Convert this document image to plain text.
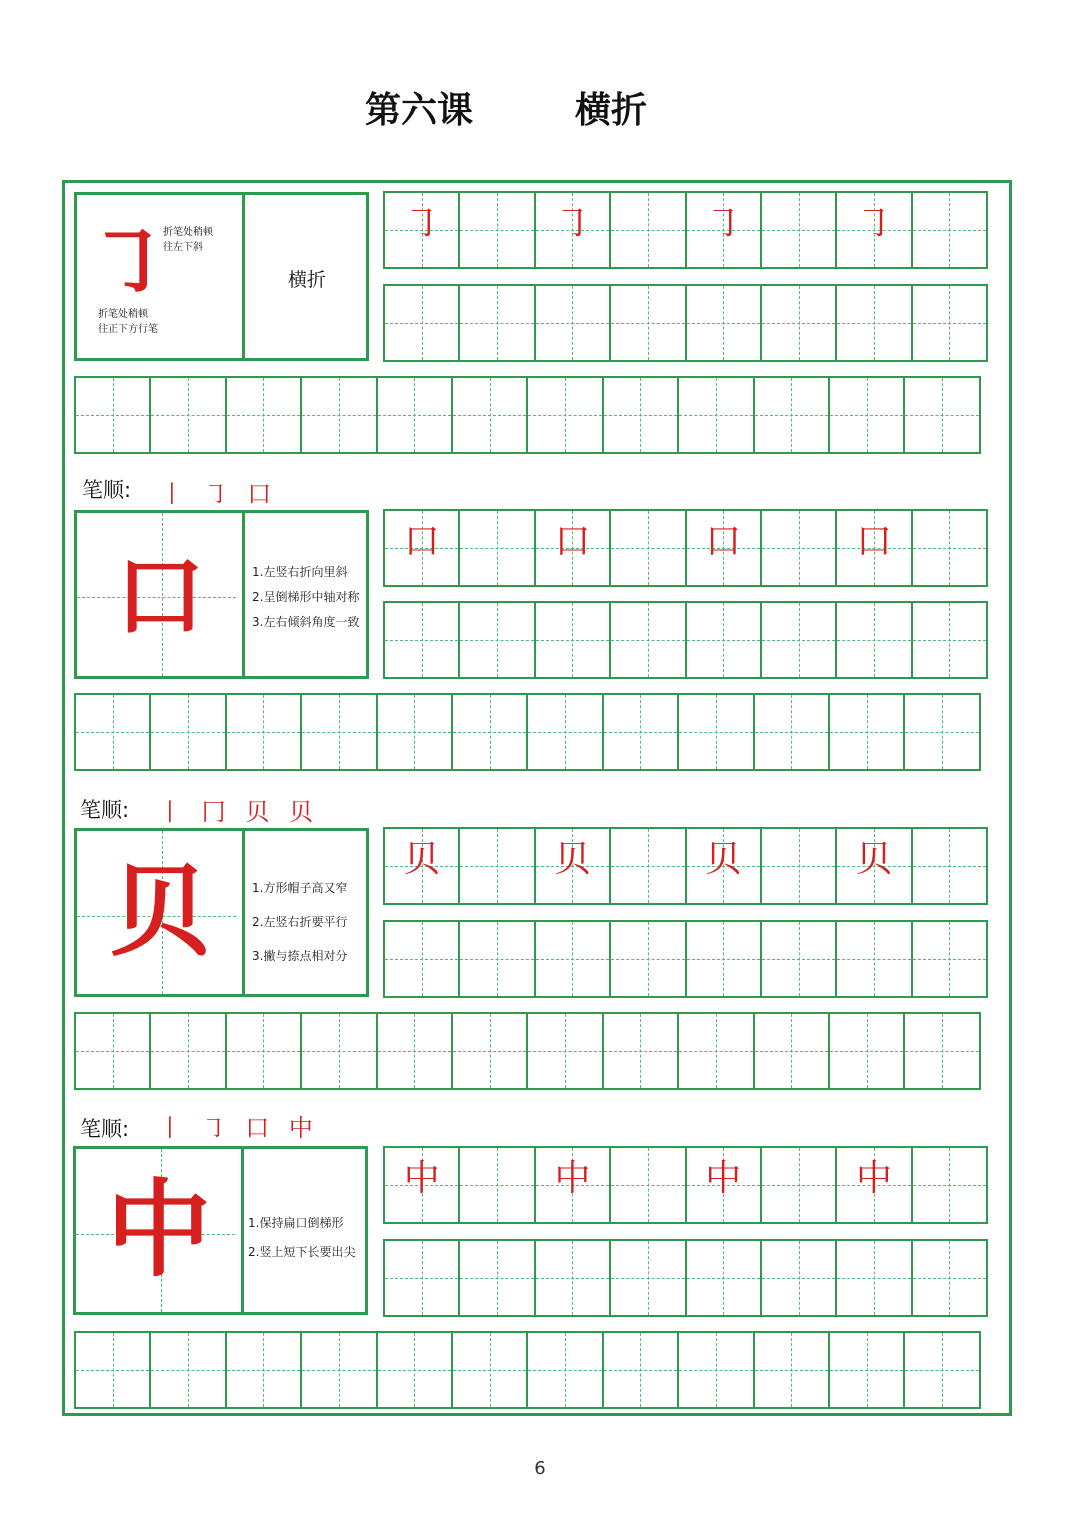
第六课	横折
㇆
折笔处稍顿
往左下斜
折笔处稍顿
往正下方行笔
横折
㇆	㇆	㇆	㇆
笔顺: 丨 ㇆ 口
口	1.左竖右折向里斜
2.呈倒梯形中轴对称
3.左右倾斜角度一致
口	口	口	口
笔顺: 丨 冂 贝 贝
贝	1.方形帽子高又窄
2.左竖右折要平行
3.撇与捺点相对分
贝	贝	贝	贝
笔顺: 丨 ㇆ 口 中
中	1.保持扁口倒梯形
2.竖上短下长要出尖
中	中	中	中
6
